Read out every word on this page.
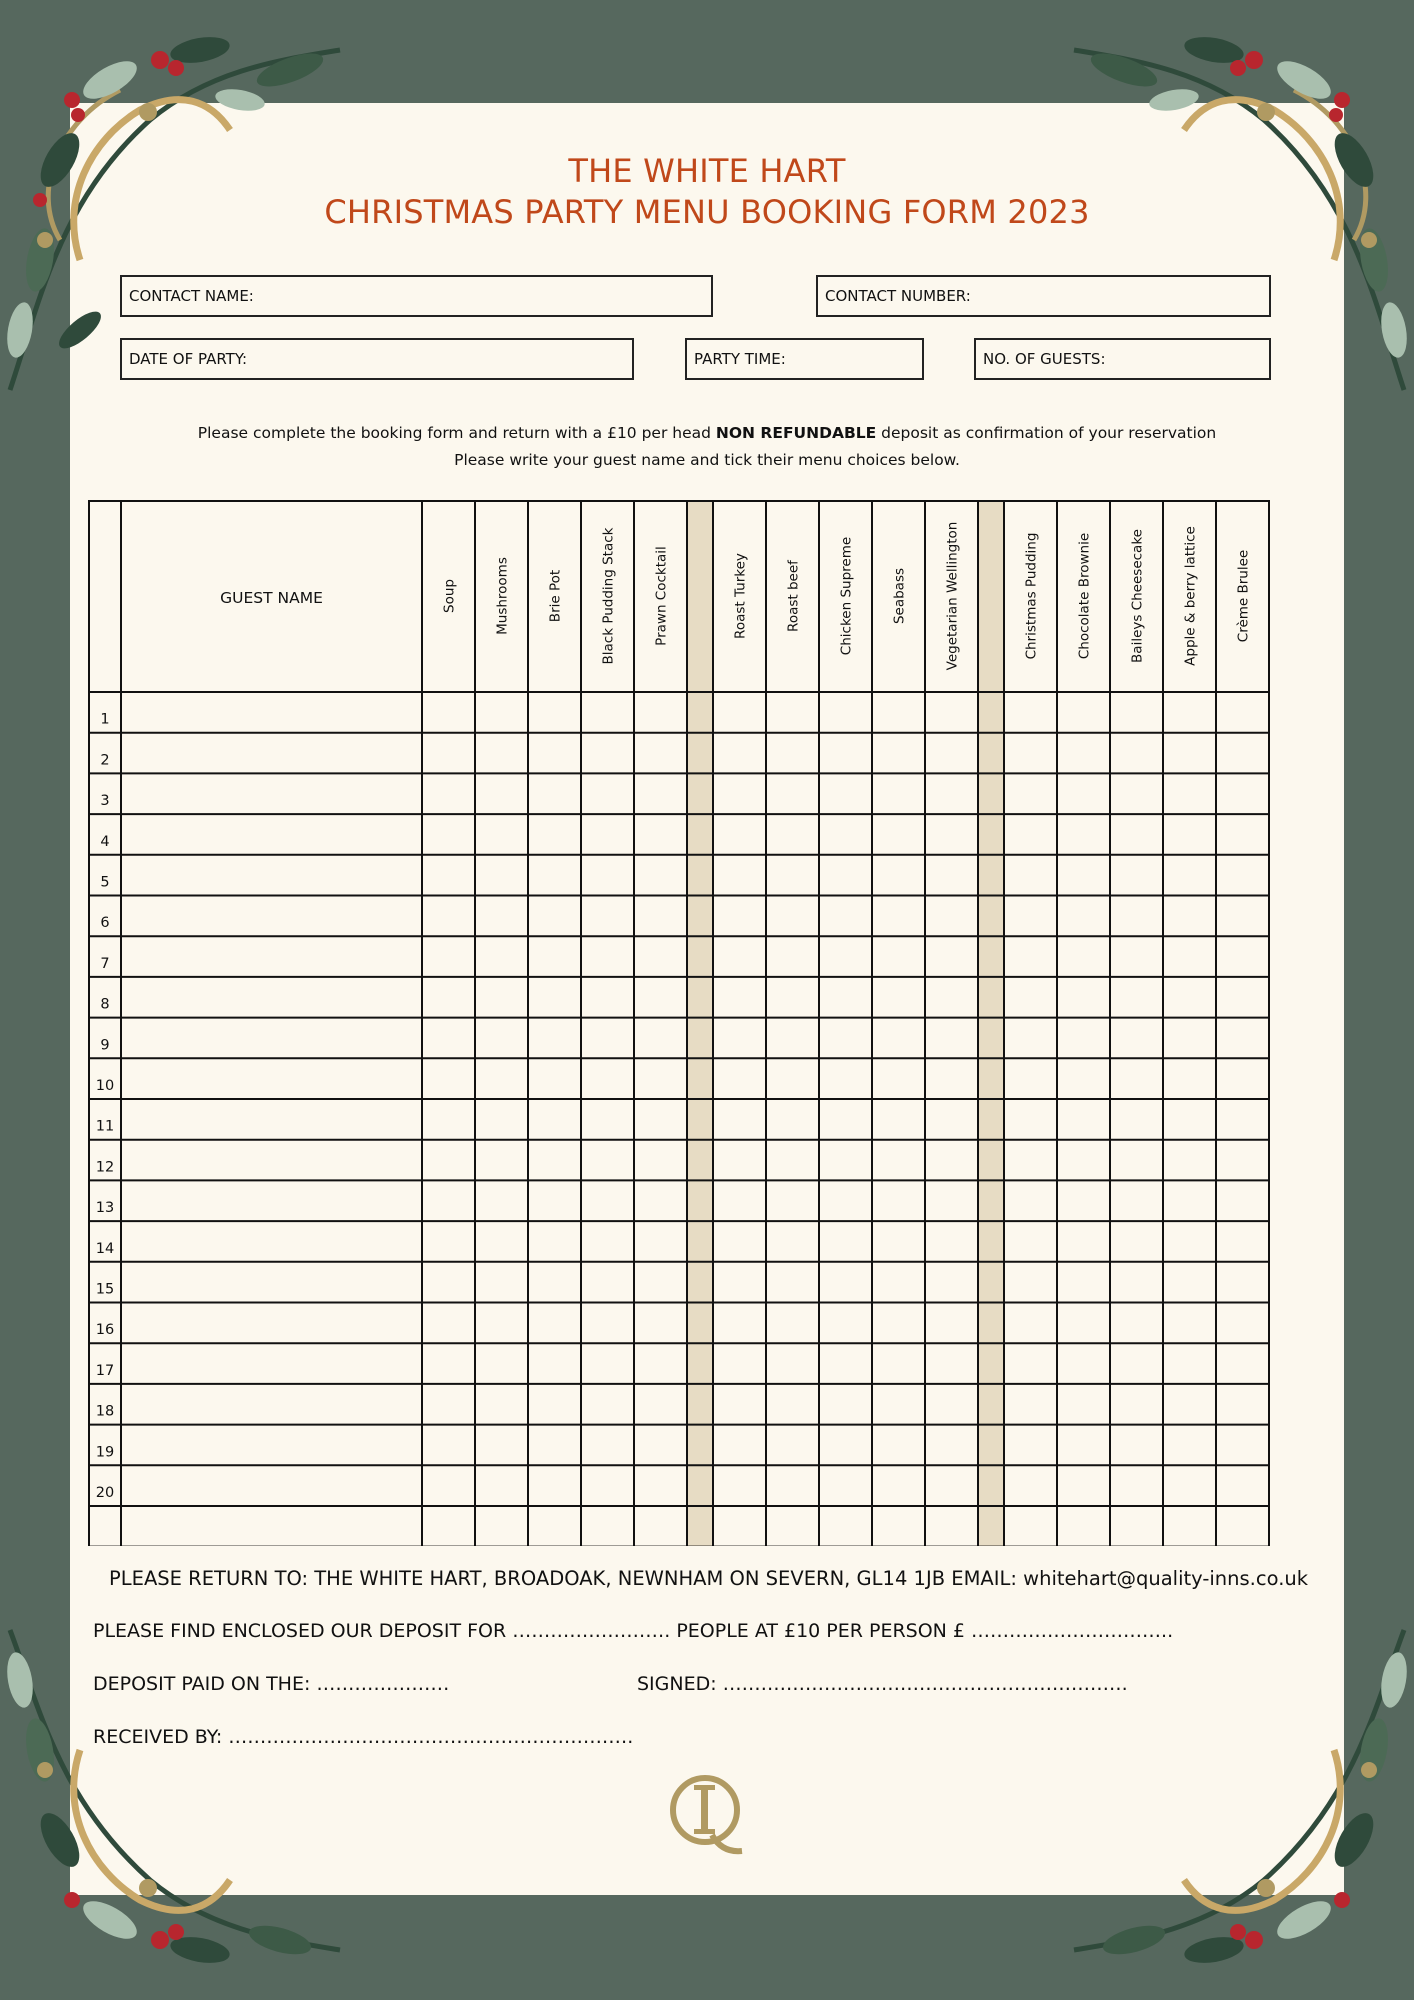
THE WHITE HART
CHRISTMAS PARTY MENU BOOKING FORM 2023
CONTACT NAME:	CONTACT NUMBER:
DATE OF PARTY:	PARTY TIME:	NO. OF GUESTS:
Please complete the booking form and return with a £10 per head NON REFUNDABLE deposit as confirmation of your reservation
Please write your guest name and tick their menu choices below.
GUEST NAME	Soup	Mushrooms	Brie Pot	Black Pudding Stack	Prawn Cocktail	Roast Turkey	Roast beef	Chicken Supreme	Seabass	Vegetarian Wellington	Christmas Pudding	Chocolate Brownie	Baileys Cheesecake	Apple & berry lattice	Crème Brulee
1
2
3
4
5
6
7
8
9
10
11
12
13
14
15
16
17
18
19
20
PLEASE RETURN TO: THE WHITE HART, BROADOAK, NEWNHAM ON SEVERN, GL14 1JB EMAIL: whitehart@quality-inns.co.uk
PLEASE FIND ENCLOSED OUR DEPOSIT FOR ……………………. PEOPLE AT £10 PER PERSON £ …………………………..
DEPOSIT PAID ON THE: …………………	SIGNED: ……………………………………………………….
RECEIVED BY: ……………………………………………………….
